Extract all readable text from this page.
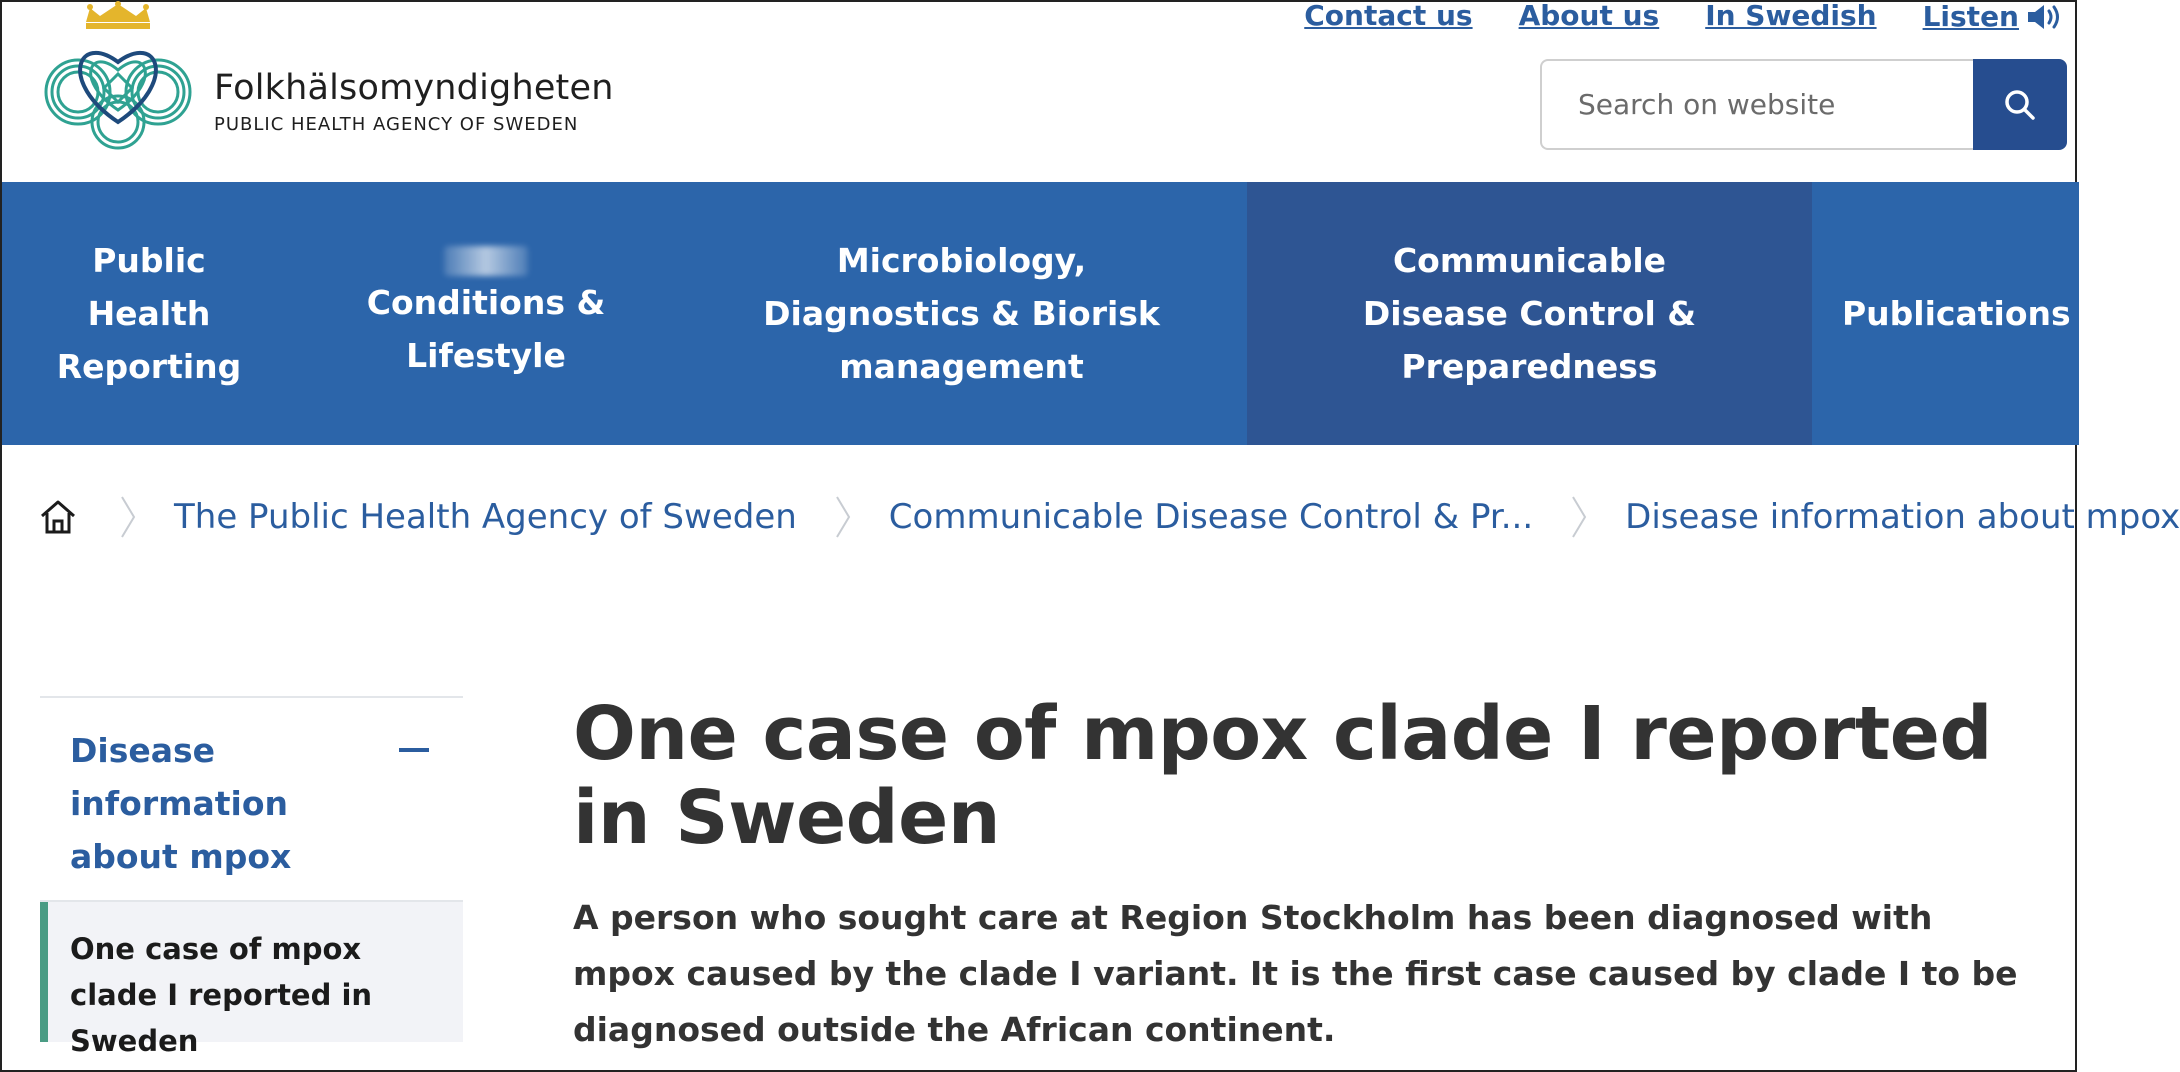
Folkhälsomyndigheten
PUBLIC HEALTH AGENCY OF SWEDEN
Contact us About us In Swedish Listen
Search on website
Public Health Reporting
Conditions & Lifestyle
Microbiology, Diagnostics & Biorisk management
Communicable Disease Control & Preparedness
Publications
The Public Health Agency of Sweden	Communicable Disease Control & Pr...	Disease information about mpox
Disease information about mpox
One case of mpox clade I reported in Sweden
One case of mpox clade I reported in Sweden

A person who sought care at Region Stockholm has been diagnosed with mpox caused by the clade I variant. It is the first case caused by clade I to be diagnosed outside the African continent.
